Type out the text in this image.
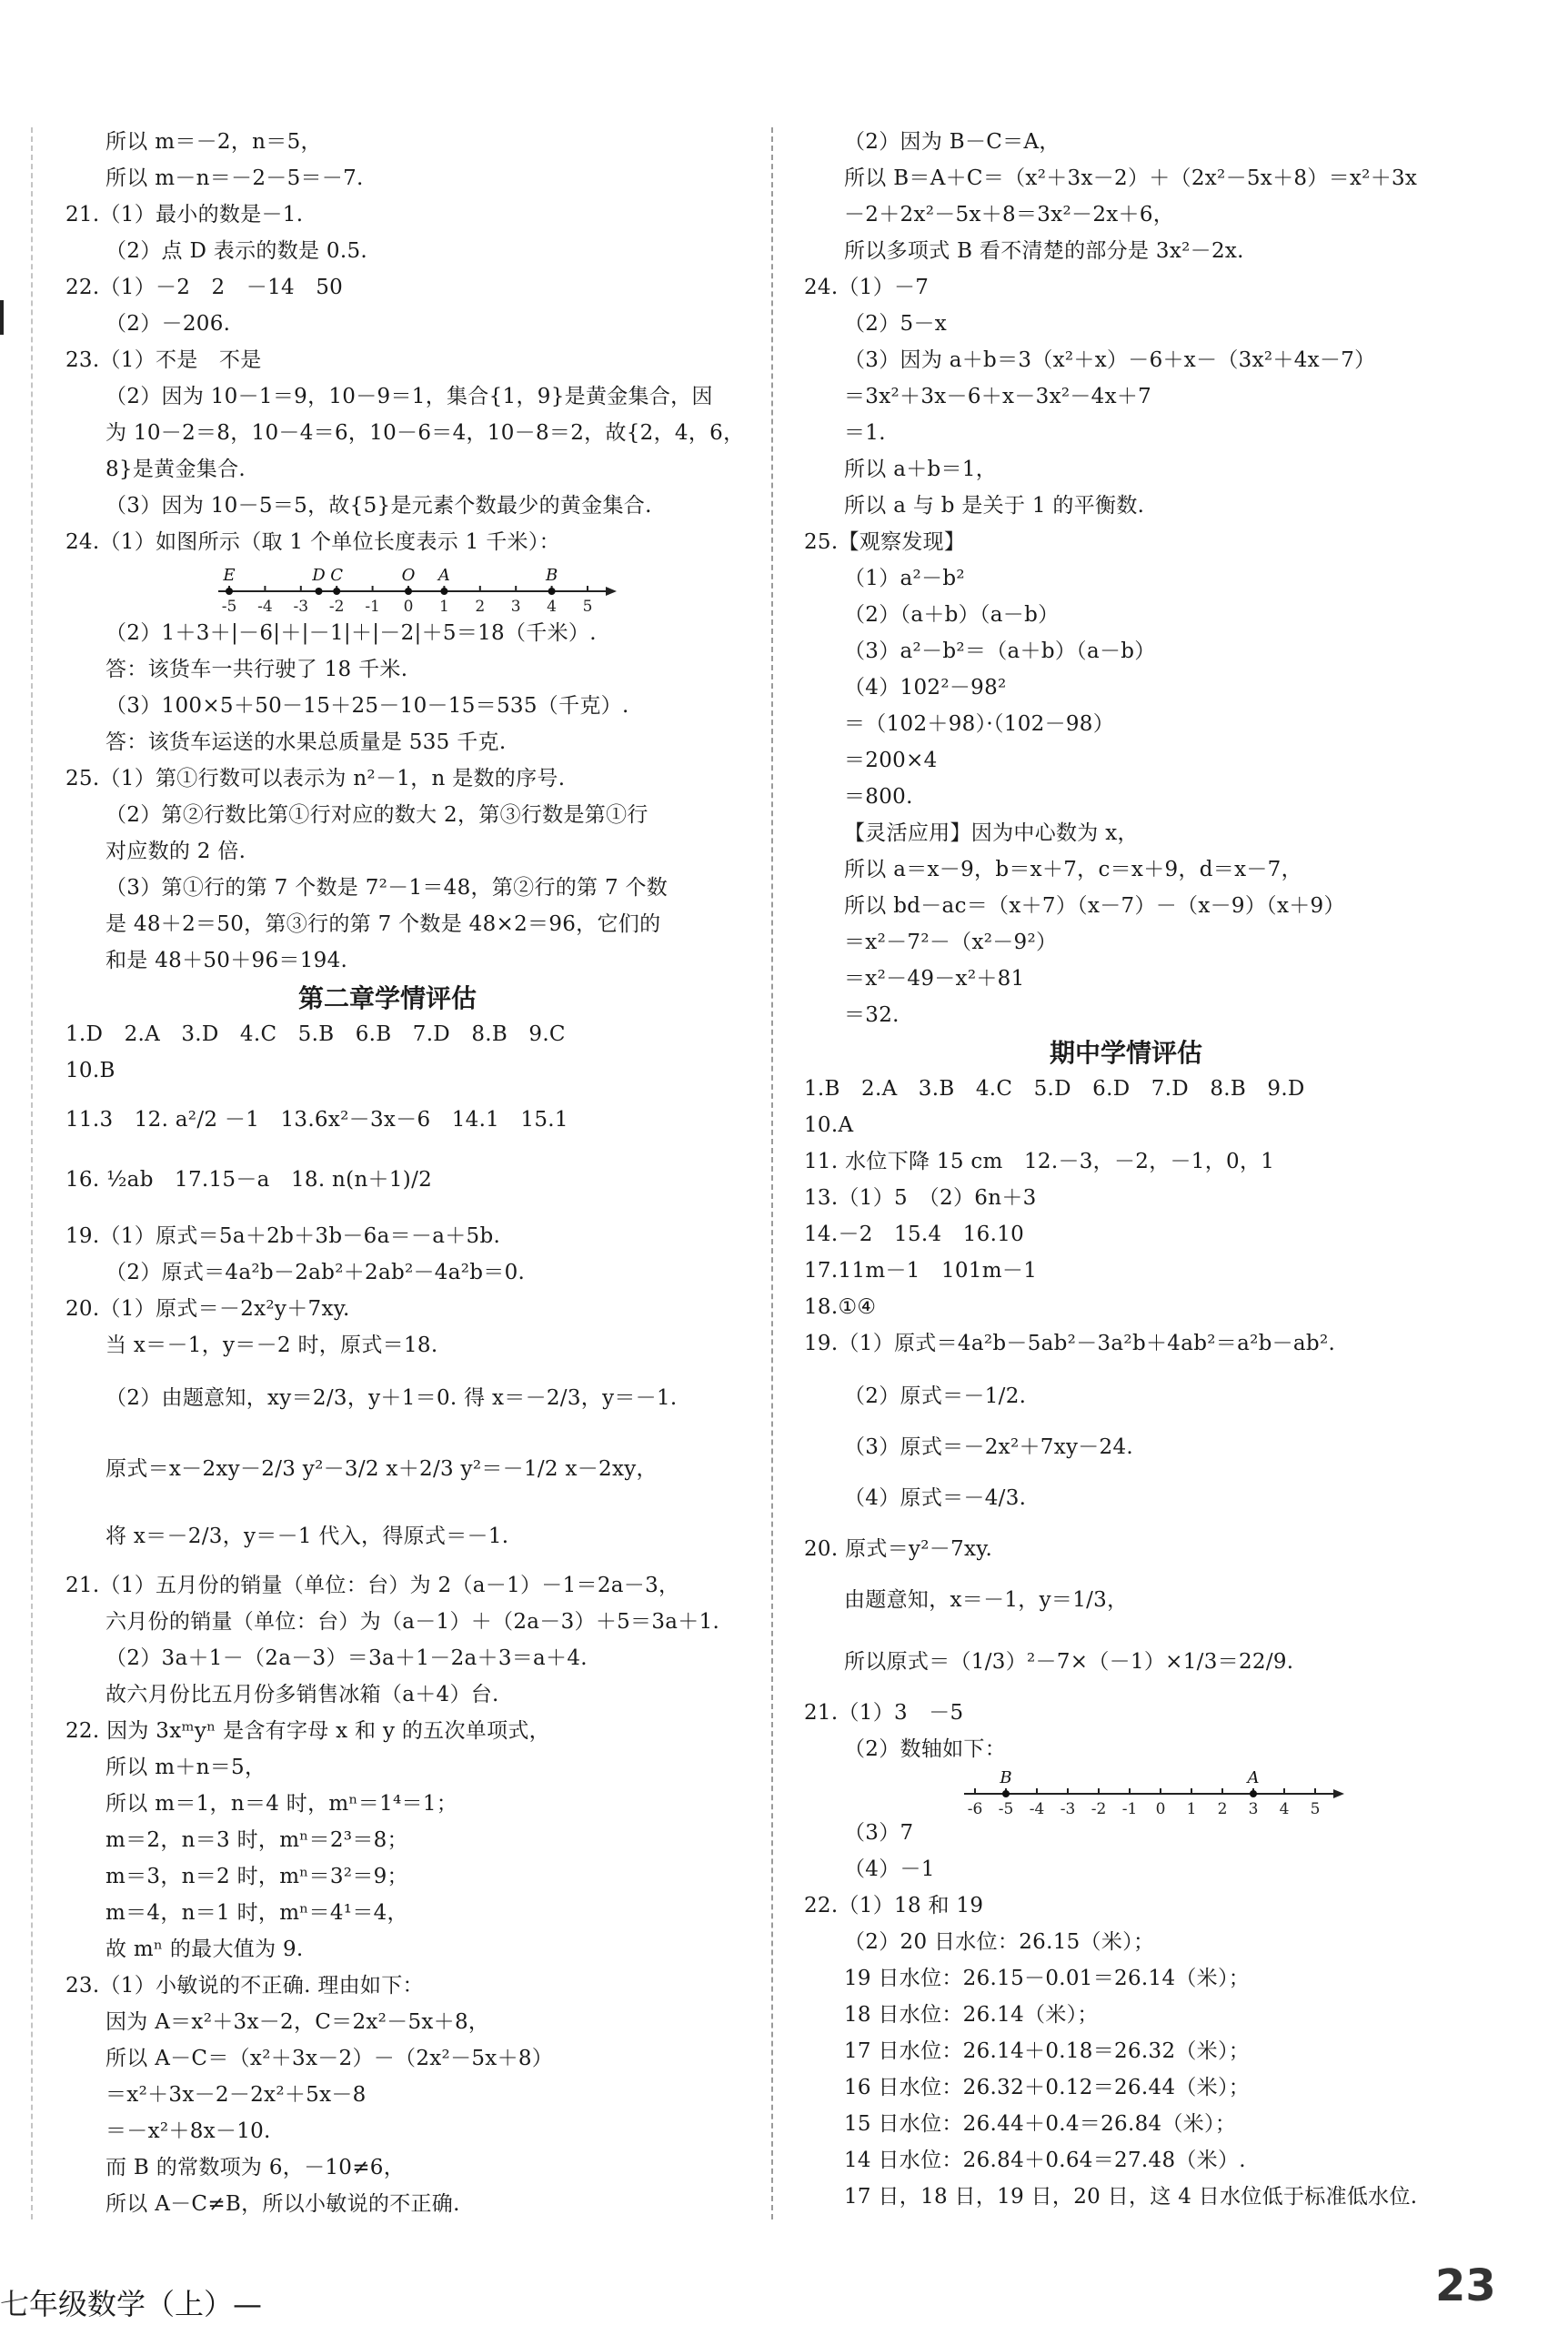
所以 m＝－2，n＝5，
所以 m－n＝－2－5＝－7.
21.（1）最小的数是－1.
（2）点 D 表示的数是 0.5.
22.（1）－2　2　－14　50
（2）－206.
23.（1）不是　不是
（2）因为 10－1＝9，10－9＝1，集合{1，9}是黄金集合，因
为 10－2＝8，10－4＝6，10－6＝4，10－8＝2，故{2，4，6，
8}是黄金集合.
（3）因为 10－5＝5，故{5}是元素个数最少的黄金集合.
24.（1）如图所示（取 1 个单位长度表示 1 千米）：
-5 -4 -3 -2 -1 0 1 2 3 4 5
E	D C	O A	B
（2）1＋3＋|－6|＋|－1|＋|－2|＋5＝18（千米）.
答：该货车一共行驶了 18 千米.
（3）100×5＋50－15＋25－10－15＝535（千克）.
答：该货车运送的水果总质量是 535 千克.
25.（1）第①行数可以表示为 n²－1，n 是数的序号.
（2）第②行数比第①行对应的数大 2，第③行数是第①行
对应数的 2 倍.
（3）第①行的第 7 个数是 7²－1＝48，第②行的第 7 个数
是 48＋2＝50，第③行的第 7 个数是 48×2＝96，它们的
和是 48＋50＋96＝194.
第二章学情评估
1.D　2.A　3.D　4.C　5.B　6.B　7.D　8.B　9.C
10.B
11.3　12. a²/2 －1　13.6x²－3x－6　14.1　15.1
16. ½ab　17.15－a　18. n(n＋1)/2
19.（1）原式＝5a＋2b＋3b－6a＝－a＋5b.
（2）原式＝4a²b－2ab²＋2ab²－4a²b＝0.
20.（1）原式＝－2x²y＋7xy.
当 x＝－1，y＝－2 时，原式＝18.
（2）由题意知，xy＝2/3，y＋1＝0. 得 x＝－2/3，y＝－1.
原式＝x－2xy－2/3 y²－3/2 x＋2/3 y²＝－1/2 x－2xy，
将 x＝－2/3，y＝－1 代入，得原式＝－1.
21.（1）五月份的销量（单位：台）为 2（a－1）－1＝2a－3，
六月份的销量（单位：台）为（a－1）＋（2a－3）＋5＝3a＋1.
（2）3a＋1－（2a－3）＝3a＋1－2a＋3＝a＋4.
故六月份比五月份多销售冰箱（a＋4）台.
22. 因为 3xᵐyⁿ 是含有字母 x 和 y 的五次单项式，
所以 m＋n＝5，
所以 m＝1，n＝4 时，mⁿ＝1⁴＝1；
m＝2，n＝3 时，mⁿ＝2³＝8；
m＝3，n＝2 时，mⁿ＝3²＝9；
m＝4，n＝1 时，mⁿ＝4¹＝4，
故 mⁿ 的最大值为 9.
23.（1）小敏说的不正确. 理由如下：
因为 A＝x²＋3x－2，C＝2x²－5x＋8，
所以 A－C＝（x²＋3x－2）－（2x²－5x＋8）
＝x²＋3x－2－2x²＋5x－8
＝－x²＋8x－10.
而 B 的常数项为 6，－10≠6，
所以 A－C≠B，所以小敏说的不正确.
（2）因为 B－C＝A，
所以 B＝A＋C＝（x²＋3x－2）＋（2x²－5x＋8）＝x²＋3x
－2＋2x²－5x＋8＝3x²－2x＋6，
所以多项式 B 看不清楚的部分是 3x²－2x.
24.（1）－7
（2）5－x
（3）因为 a＋b＝3（x²＋x）－6＋x－（3x²＋4x－7）
＝3x²＋3x－6＋x－3x²－4x＋7
＝1.
所以 a＋b＝1，
所以 a 与 b 是关于 1 的平衡数.
25.【观察发现】
（1）a²－b²
（2）（a＋b）（a－b）
（3）a²－b²＝（a＋b）（a－b）
（4）102²－98²
＝（102＋98）·（102－98）
＝200×4
＝800.
【灵活应用】因为中心数为 x，
所以 a＝x－9，b＝x＋7，c＝x＋9，d＝x－7，
所以 bd－ac＝（x＋7）（x－7）－（x－9）（x＋9）
＝x²－7²－（x²－9²）
＝x²－49－x²＋81
＝32.
期中学情评估
1.B　2.A　3.B　4.C　5.D　6.D　7.D　8.B　9.D
10.A
11. 水位下降 15 cm　12.－3，－2，－1，0，1
13.（1）5　（2）6n＋3
14.－2　15.4　16.10
17.11m－1　101m－1
18.①④
19.（1）原式＝4a²b－5ab²－3a²b＋4ab²＝a²b－ab².
（2）原式＝－1/2.
（3）原式＝－2x²＋7xy－24.
（4）原式＝－4/3.
20. 原式＝y²－7xy.
由题意知，x＝－1，y＝1/3，
所以原式＝（1/3）²－7×（－1）×1/3＝22/9.
21.（1）3　－5
（2）数轴如下：
-6 -5 -4 -3 -2 -1 0 1 2 3 4 5
B	A
（3）7
（4）－1
22.（1）18 和 19
（2）20 日水位：26.15（米）；
19 日水位：26.15－0.01＝26.14（米）；
18 日水位：26.14（米）；
17 日水位：26.14＋0.18＝26.32（米）；
16 日水位：26.32＋0.12＝26.44（米）；
15 日水位：26.44＋0.4＝26.84（米）；
14 日水位：26.84＋0.64＝27.48（米）.
17 日，18 日，19 日，20 日，这 4 日水位低于标准低水位.
七年级数学（上）—	23
